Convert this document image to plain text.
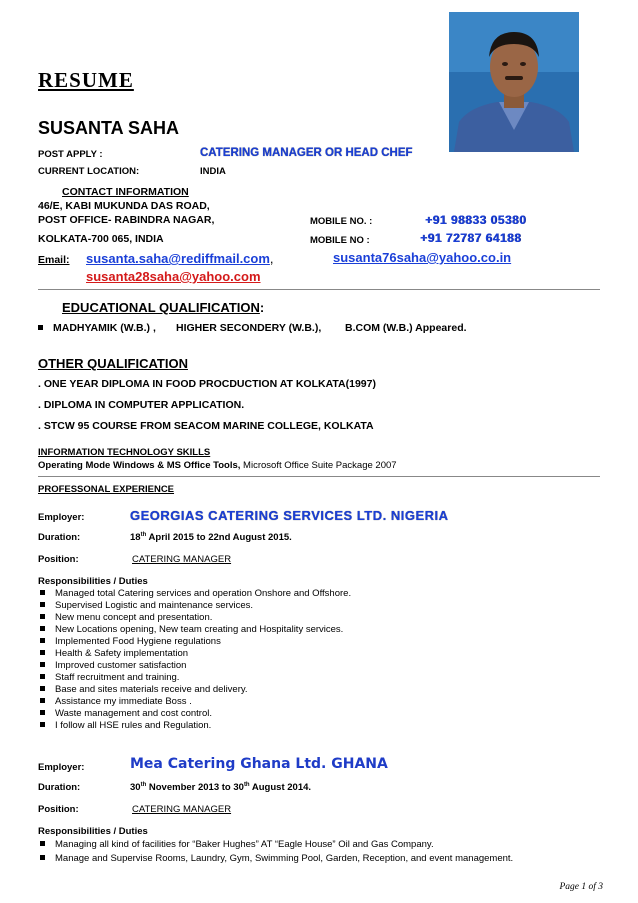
RESUME
SUSANTA SAHA
POST APPLY :	CATERING MANAGER OR HEAD CHEF
CURRENT LOCATION:	INDIA
CONTACT INFORMATION
46/E, KABI MUKUNDA DAS ROAD,
POST OFFICE- RABINDRA NAGAR,
KOLKATA-700 065, INDIA
MOBILE NO. :	+91 98833 05380
MOBILE NO :	+91 72787 64188
Email: susanta.saha@rediffmail.com,	susanta76saha@yahoo.co.in
susanta28saha@yahoo.com
EDUCATIONAL QUALIFICATION:
MADHYAMIK (W.B.) , HIGHER SECONDERY (W.B.), B.COM (W.B.) Appeared.
OTHER QUALIFICATION
. ONE YEAR DIPLOMA IN FOOD PROCDUCTION AT KOLKATA(1997)
. DIPLOMA IN COMPUTER APPLICATION.
. STCW 95 COURSE FROM SEACOM MARINE COLLEGE, KOLKATA
INFORMATION TECHNOLOGY SKILLS
Operating Mode Windows & MS Office Tools, Microsoft Office Suite Package 2007
PROFESSONAL EXPERIENCE
Employer:	GEORGIAS CATERING SERVICES LTD. NIGERIA
Duration:	18th April 2015 to 22nd August 2015.
Position:	CATERING MANAGER
Responsibilities / Duties
Managed total Catering services and operation Onshore and Offshore.
Supervised Logistic and maintenance services.
New menu concept and presentation.
New Locations opening, New team creating and Hospitality services.
Implemented Food Hygiene regulations
Health & Safety implementation
Improved customer satisfaction
Staff recruitment and training.
Base and sites materials receive and delivery.
Assistance my immediate Boss .
Waste management and cost control.
I follow all HSE rules and Regulation.
Employer:	Mea Catering Ghana Ltd. GHANA
Duration:	30th November 2013 to 30th August 2014.
Position:	CATERING MANAGER
Responsibilities / Duties
Managing all kind of facilities for “Baker Hughes” AT “Eagle House” Oil and Gas Company.
Manage and Supervise Rooms, Laundry, Gym, Swimming Pool, Garden, Reception, and event management.
Page 1 of 3
